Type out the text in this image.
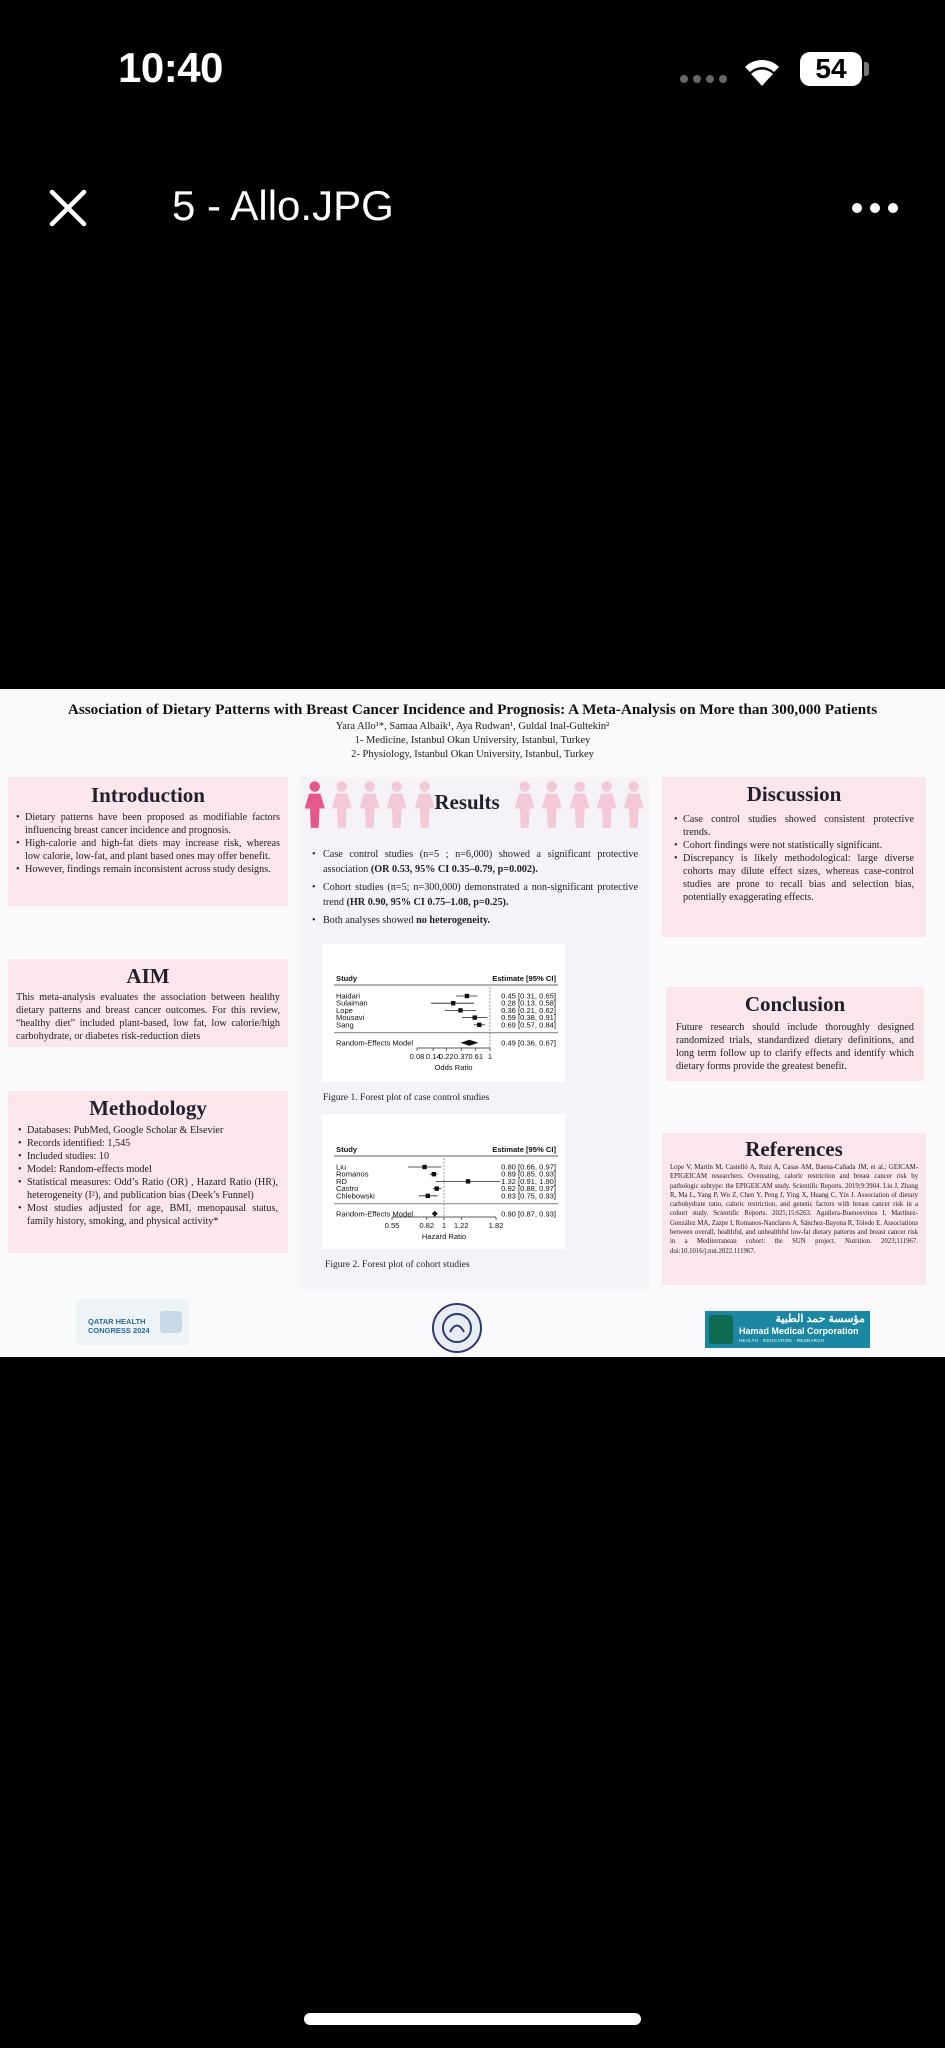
10:40	54
5 - Allo.JPG
Association of Dietary Patterns with Breast Cancer Incidence and Prognosis: A Meta-Analysis on More than 300,000 Patients
Yara Allo¹*, Samaa Albaik¹, Aya Rudwan¹, Guldal Inal-Gultekin²
1- Medicine, Istanbul Okan University, Istanbul, Turkey
2- Physiology, Istanbul Okan University, Istanbul, Turkey
Introduction
• Dietary patterns have been proposed as modifiable factors influencing breast cancer incidence and prognosis.
• High-calorie and high-fat diets may increase risk, whereas low calorie, low-fat, and plant based ones may offer benefit.
• However, findings remain inconsistent across study designs.
AIM

This meta-analysis evaluates the association between healthy dietary patterns and breast cancer outcomes. For this review, “healthy diet” included plant-based, low fat, low calorie/high carbohydrate, or diabetes risk-reduction diets

Methodology
• Databases: PubMed, Google Scholar & Elsevier
• Records identified: 1,545
• Included studies: 10
• Model: Random-effects model
• Statistical measures: Odd’s Ratio (OR) , Hazard Ratio (HR), heterogeneity (I²), and publication bias (Deek’s Funnel)
• Most studies adjusted for age, BMI, menopausal status, family history, smoking, and physical activity*
Results
• Case control studies (n=5 ; n=6,000) showed a significant protective association (OR 0.53, 95% CI 0.35–0.79, p=0.002).
• Cohort studies (n=5; n=300,000) demonstrated a non-significant protective trend (HR 0.90, 95% CI 0.75–1.08, p=0.25).
• Both analyses showed no heterogeneity.
Study	Estimate [95% CI]
Haidari	0.45 [0.31, 0.65]
Sulaiman	0.28 [0.13, 0.58]
Lope	0.36 [0.21, 0.62]
Mousavi	0.59 [0.38, 0.91]
Sang	0.69 [0.57, 0.84]
Random-Effects Model	0.49 [0.36, 0.67]
0.08 0.14
0.22 0.37 0.61 1
Odds Ratio
Figure 1. Forest plot of case control studies
Study	Estimate [95% CI]
Liu	0.80 [0.66, 0.97]
Romanos	0.89 [0.85, 0.93]
RD	1.32 [0.91, 1.90]
Castro	0.92 [0.88, 0.97]
Chlebowski	0.83 [0.75, 0.93]
Random-Effects Model	0.90 [0.87, 0.93]
0.55	0.82 1 1.22	1.82
Hazard Ratio
Figure 2. Forest plot of cohort studies
Discussion
• Case control studies showed consistent protective trends.
• Cohort findings were not statistically significant.
• Discrepancy is likely methodological: large diverse cohorts may dilute effect sizes, whereas case-control studies are prone to recall bias and selection bias, potentially exaggerating effects.
Conclusion

Future research should include thoroughly designed randomized trials, standardized dietary definitions, and long term follow up to clarify effects and identify which dietary forms provide the greatest benefit.

References

Lope V, Martín M, Castelló A, Ruiz A, Casas AM, Baena-Cañada JM, et al.; GEICAM-EPIGEICAM researchers. Overeating, caloric restriction and breast cancer risk by pathologic subtype: the EPIGEICAM study. Scientific Reports. 2019;9:3904. Liu J, Zhang R, Ma L, Yang P, Wu Z, Chen Y, Peng J, Ying X, Huang C, Yin J. Association of dietary carbohydrate ratio, caloric restriction, and genetic factors with breast cancer risk in a cohort study. Scientific Reports. 2025;15:6263. Aguilera-Buenosvinos I, Martínez-González MA, Zazpe I, Romanos-Nanclares A, Sánchez-Bayona R, Toledo E. Associations between overall, healthful, and unhealthful low-fat dietary patterns and breast cancer risk in a Mediterranean cohort: the SUN project. Nutrition. 2023;111967. doi:10.1016/j.nut.2022.111967.

QATAR HEALTH CONGRESS 2024
مؤسسة حمد الطبية
Hamad Medical Corporation
HEALTH · EDUCATION · RESEARCH
